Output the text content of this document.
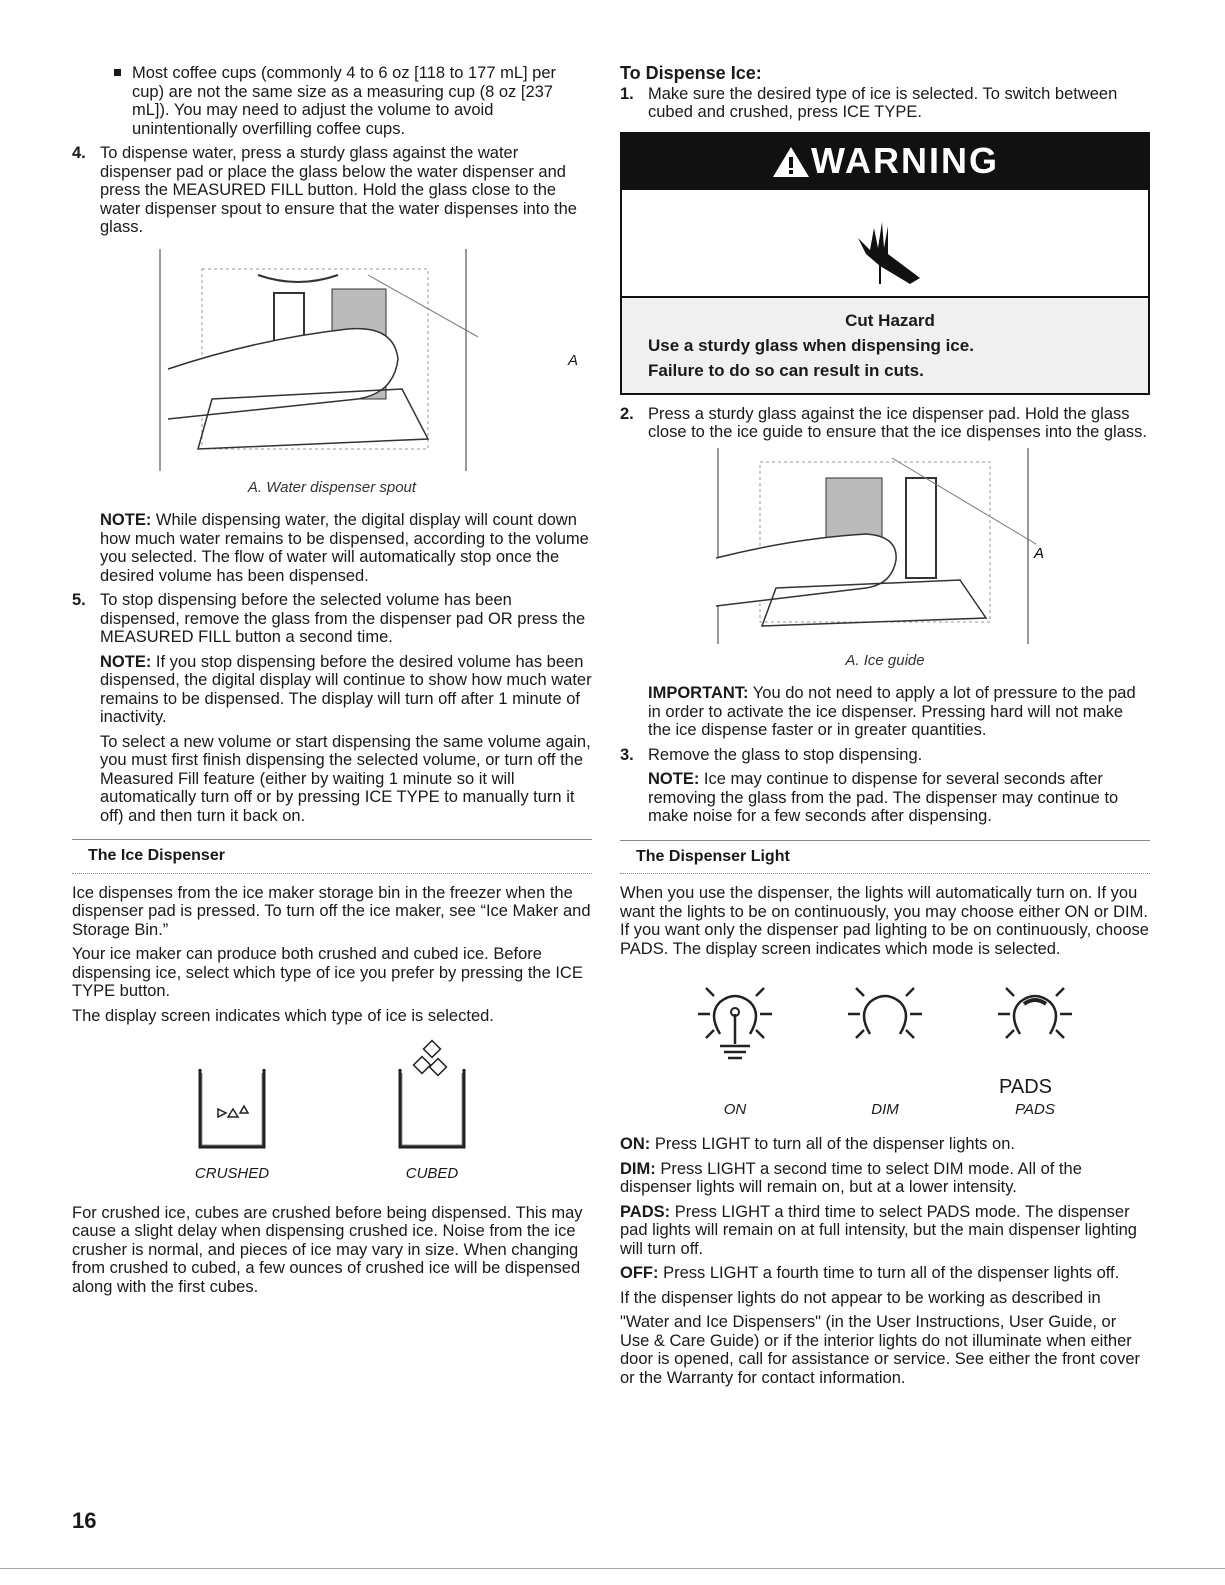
Most coffee cups (commonly 4 to 6 oz [118 to 177 mL] per cup) are not the same size as a measuring cup (8 oz [237 mL]). You may need to adjust the volume to avoid unintentionally overfilling coffee cups.

4. To dispense water, press a sturdy glass against the water dispenser pad or place the glass below the water dispenser and press the MEASURED FILL button. Hold the glass close to the water dispenser spout to ensure that the water dispenses into the glass.
A. Water dispenser spout

NOTE: While dispensing water, the digital display will count down how much water remains to be dispensed, according to the volume you selected. The flow of water will automatically stop once the desired volume has been dispensed.

5. To stop dispensing before the selected volume has been dispensed, remove the glass from the dispenser pad OR press the MEASURED FILL button a second time.

NOTE: If you stop dispensing before the desired volume has been dispensed, the digital display will continue to show how much water remains to be dispensed. The display will turn off after 1 minute of inactivity.

To select a new volume or start dispensing the same volume again, you must first finish dispensing the selected volume, or turn off the Measured Fill feature (either by waiting 1 minute so it will automatically turn off or by pressing ICE TYPE to manually turn it off) and then turn it back on.

The Ice Dispenser

Ice dispenses from the ice maker storage bin in the freezer when the dispenser pad is pressed. To turn off the ice maker, see “Ice Maker and Storage Bin.”

Your ice maker can produce both crushed and cubed ice. Before dispensing ice, select which type of ice you prefer by pressing the ICE TYPE button.

The display screen indicates which type of ice is selected.

CRUSHED	CUBED

For crushed ice, cubes are crushed before being dispensed. This may cause a slight delay when dispensing crushed ice. Noise from the ice crusher is normal, and pieces of ice may vary in size. When changing from crushed to cubed, a few ounces of crushed ice will be dispensed along with the first cubes.

To Dispense Ice:
1. Make sure the desired type of ice is selected. To switch between cubed and crushed, press ICE TYPE.
WARNING
Cut Hazard
Use a sturdy glass when dispensing ice.
Failure to do so can result in cuts.
2. Press a sturdy glass against the ice dispenser pad. Hold the glass close to the ice guide to ensure that the ice dispenses into the glass.
A
A. Ice guide

IMPORTANT: You do not need to apply a lot of pressure to the pad in order to activate the ice dispenser. Pressing hard will not make the ice dispense faster or in greater quantities.

3. Remove the glass to stop dispensing.

NOTE: Ice may continue to dispense for several seconds after removing the glass from the pad. The dispenser may continue to make noise for a few seconds after dispensing.

The Dispenser Light

When you use the dispenser, the lights will automatically turn on. If you want the lights to be on continuously, you may choose either ON or DIM. If you want only the dispenser pad lighting to be on continuously, choose PADS. The display screen indicates which mode is selected.

PADS
ON	DIM	PADS

ON: Press LIGHT to turn all of the dispenser lights on.

DIM: Press LIGHT a second time to select DIM mode. All of the dispenser lights will remain on, but at a lower intensity.

PADS: Press LIGHT a third time to select PADS mode. The dispenser pad lights will remain on at full intensity, but the main dispenser lighting will turn off.

OFF: Press LIGHT a fourth time to turn all of the dispenser lights off.

If the dispenser lights do not appear to be working as described in

"Water and Ice Dispensers" (in the User Instructions, User Guide, or Use & Care Guide) or if the interior lights do not illuminate when either door is opened, call for assistance or service. See either the front cover or the Warranty for contact information.

A
16
